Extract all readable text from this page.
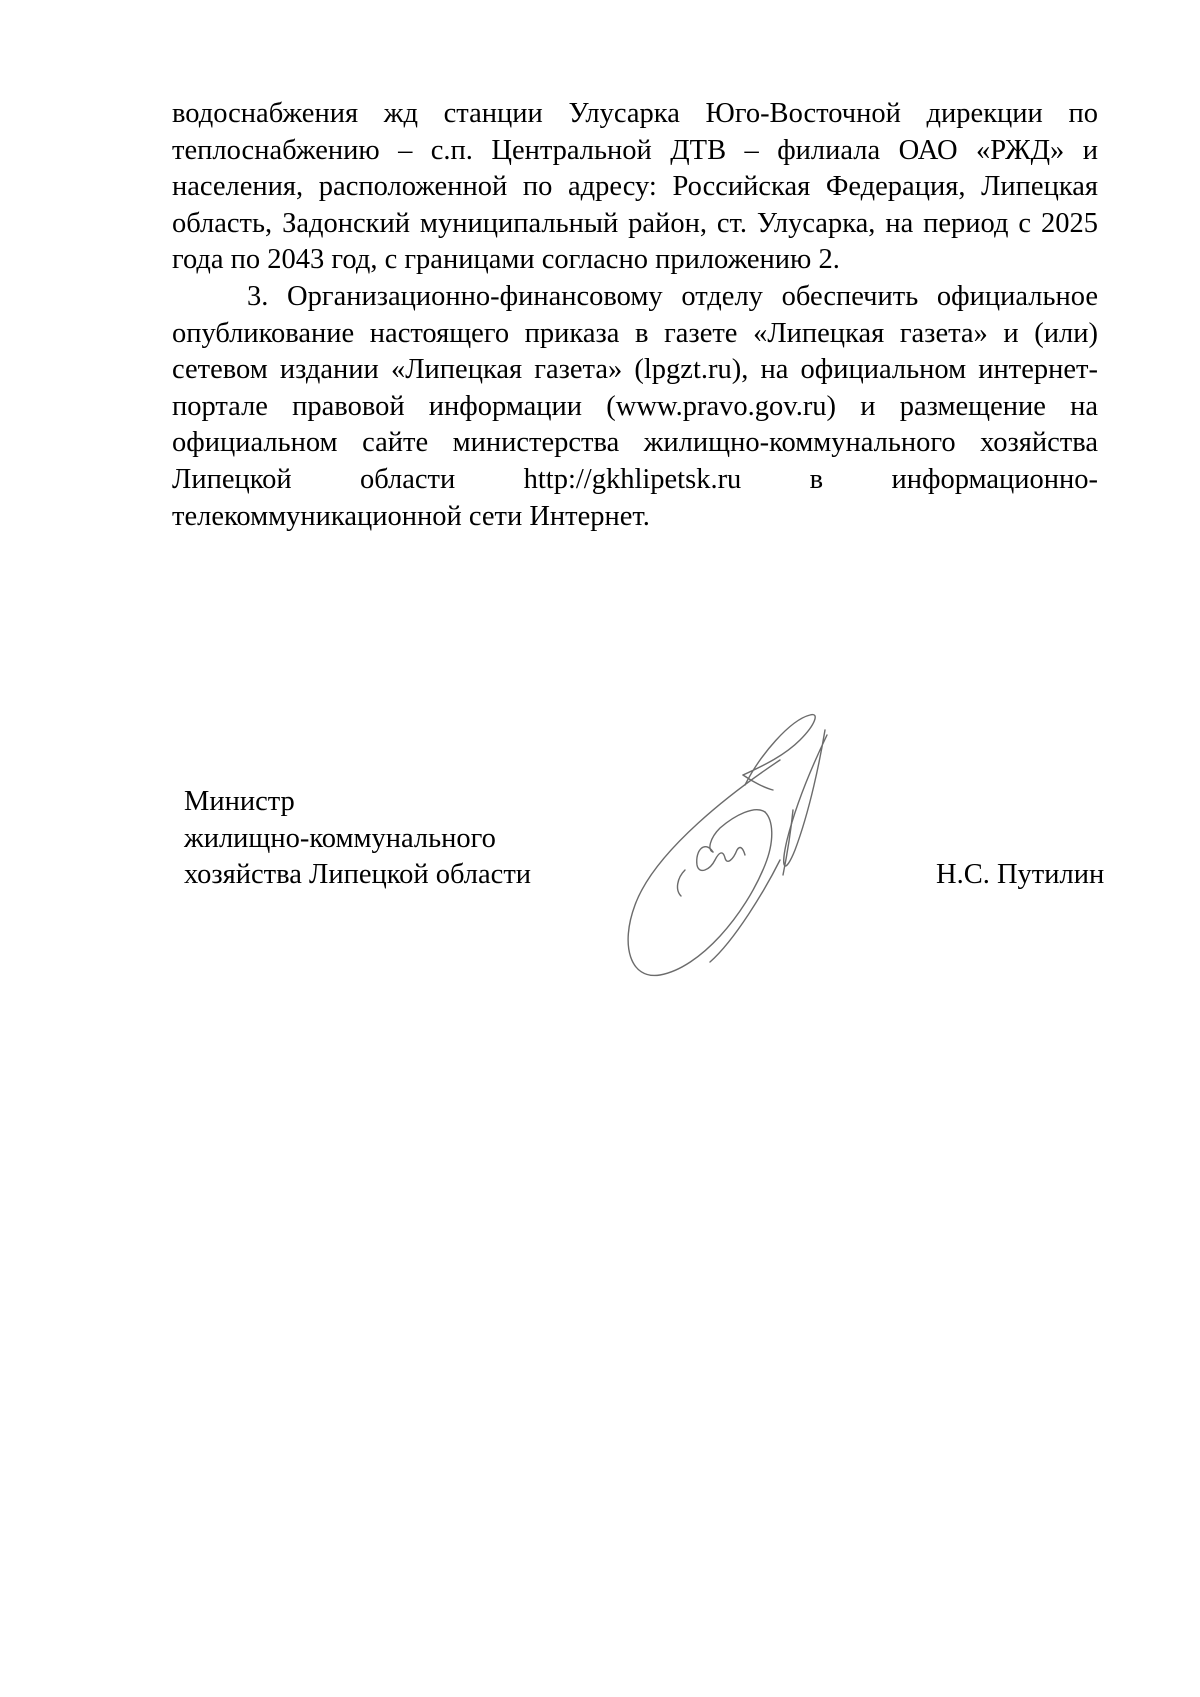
водоснабжения жд станции Улусарка Юго-Восточной дирекции по теплоснабжению – с.п. Центральной ДТВ – филиала ОАО «РЖД» и населения, расположенной по адресу: Российская Федерация, Липецкая область, Задонский муниципальный район, ст. Улусарка, на период с 2025 года по 2043 год, с границами согласно приложению 2.

3. Организационно-финансовому отделу обеспечить официальное опубликование настоящего приказа в газете «Липецкая газета» и (или) сетевом издании «Липецкая газета» (lpgzt.ru), на официальном интернет-портале правовой информации (www.pravo.gov.ru) и размещение на официальном сайте министерства жилищно-коммунального хозяйства Липецкой области http://gkhlipetsk.ru в информационно-телекоммуникационной сети Интернет.

Министр
жилищно-коммунального
хозяйства Липецкой области	Н.С. Путилин
